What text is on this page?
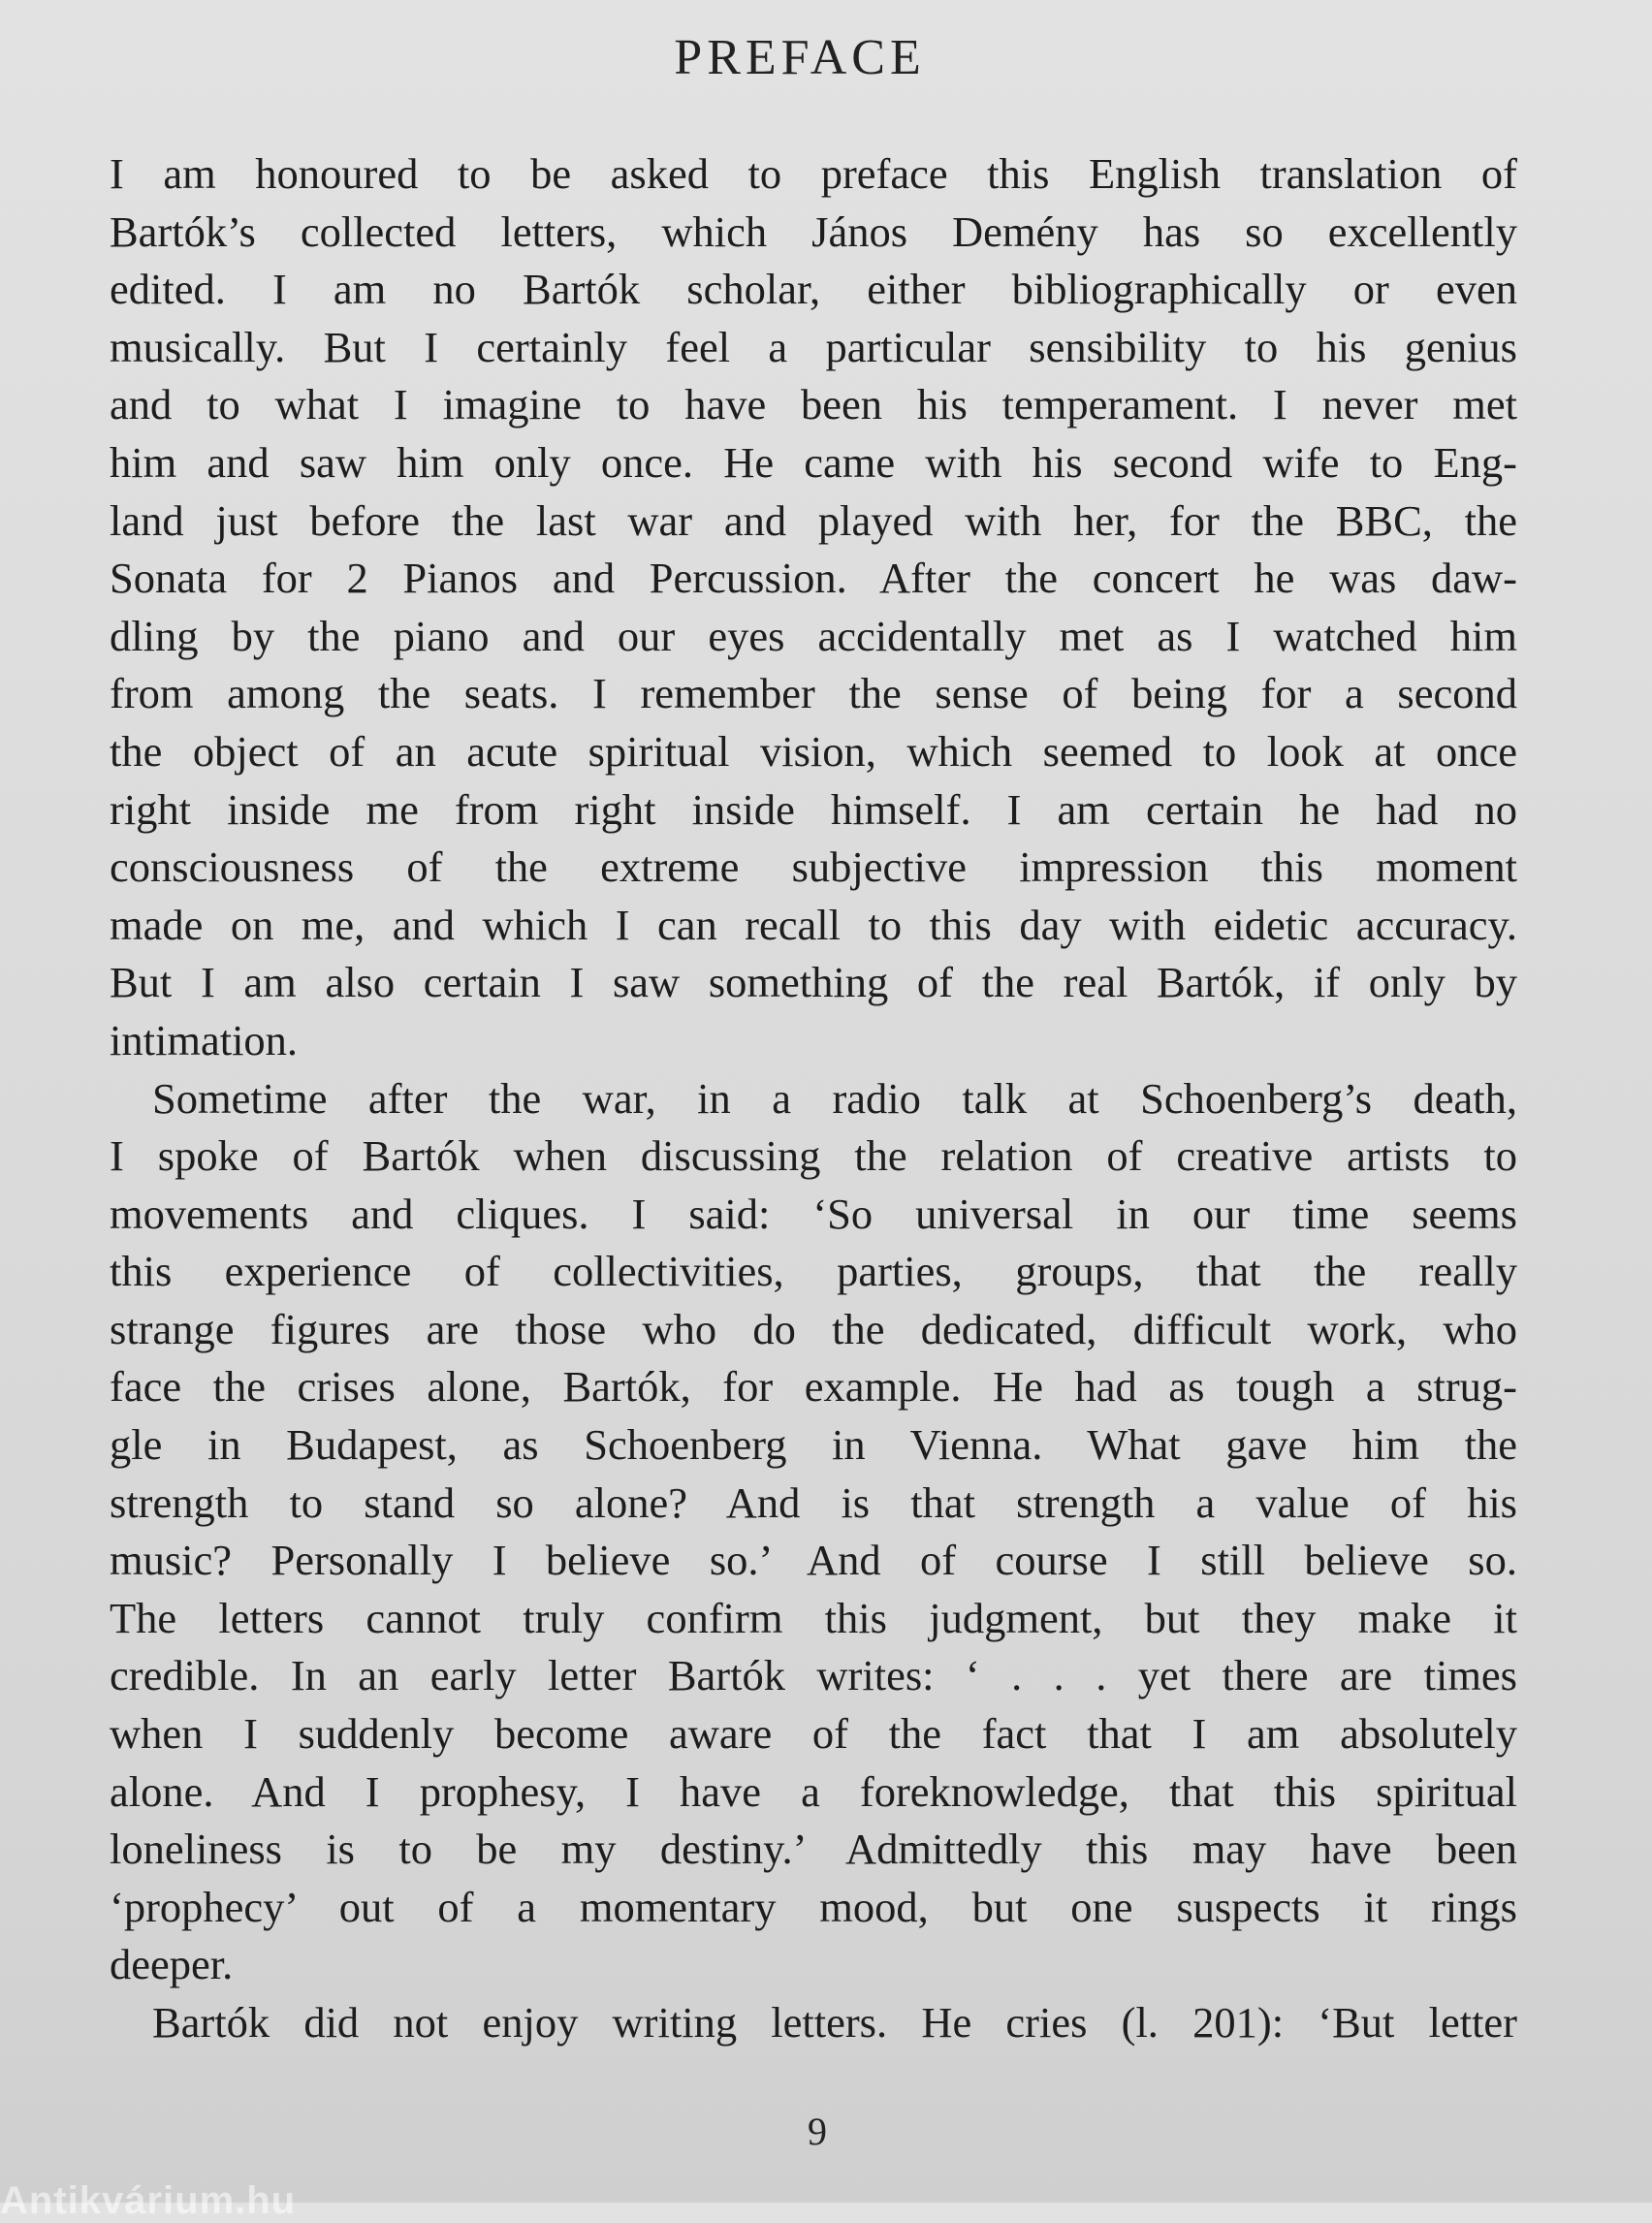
PREFACE
I am honoured to be asked to preface this English translation of
Bartók’s collected letters, which János Demény has so excellently
edited. I am no Bartók scholar, either bibliographically or even
musically. But I certainly feel a particular sensibility to his genius
and to what I imagine to have been his temperament. I never met
him and saw him only once. He came with his second wife to Eng-
land just before the last war and played with her, for the BBC, the
Sonata for 2 Pianos and Percussion. After the concert he was daw-
dling by the piano and our eyes accidentally met as I watched him
from among the seats. I remember the sense of being for a second
the object of an acute spiritual vision, which seemed to look at once
right inside me from right inside himself. I am certain he had no
consciousness of the extreme subjective impression this moment
made on me, and which I can recall to this day with eidetic accuracy.
But I am also certain I saw something of the real Bartók, if only by
intimation.
Sometime after the war, in a radio talk at Schoenberg’s death,
I spoke of Bartók when discussing the relation of creative artists to
movements and cliques. I said: ‘So universal in our time seems
this experience of collectivities, parties, groups, that the really
strange figures are those who do the dedicated, difficult work, who
face the crises alone, Bartók, for example. He had as tough a strug-
gle in Budapest, as Schoenberg in Vienna. What gave him the
strength to stand so alone? And is that strength a value of his
music? Personally I believe so.’ And of course I still believe so.
The letters cannot truly confirm this judgment, but they make it
credible. In an early letter Bartók writes: ‘ . . . yet there are times
when I suddenly become aware of the fact that I am absolutely
alone. And I prophesy, I have a foreknowledge, that this spiritual
loneliness is to be my destiny.’ Admittedly this may have been
‘prophecy’ out of a momentary mood, but one suspects it rings
deeper.
Bartók did not enjoy writing letters. He cries (l. 201): ‘But letter
9
Antikvárium.hu
